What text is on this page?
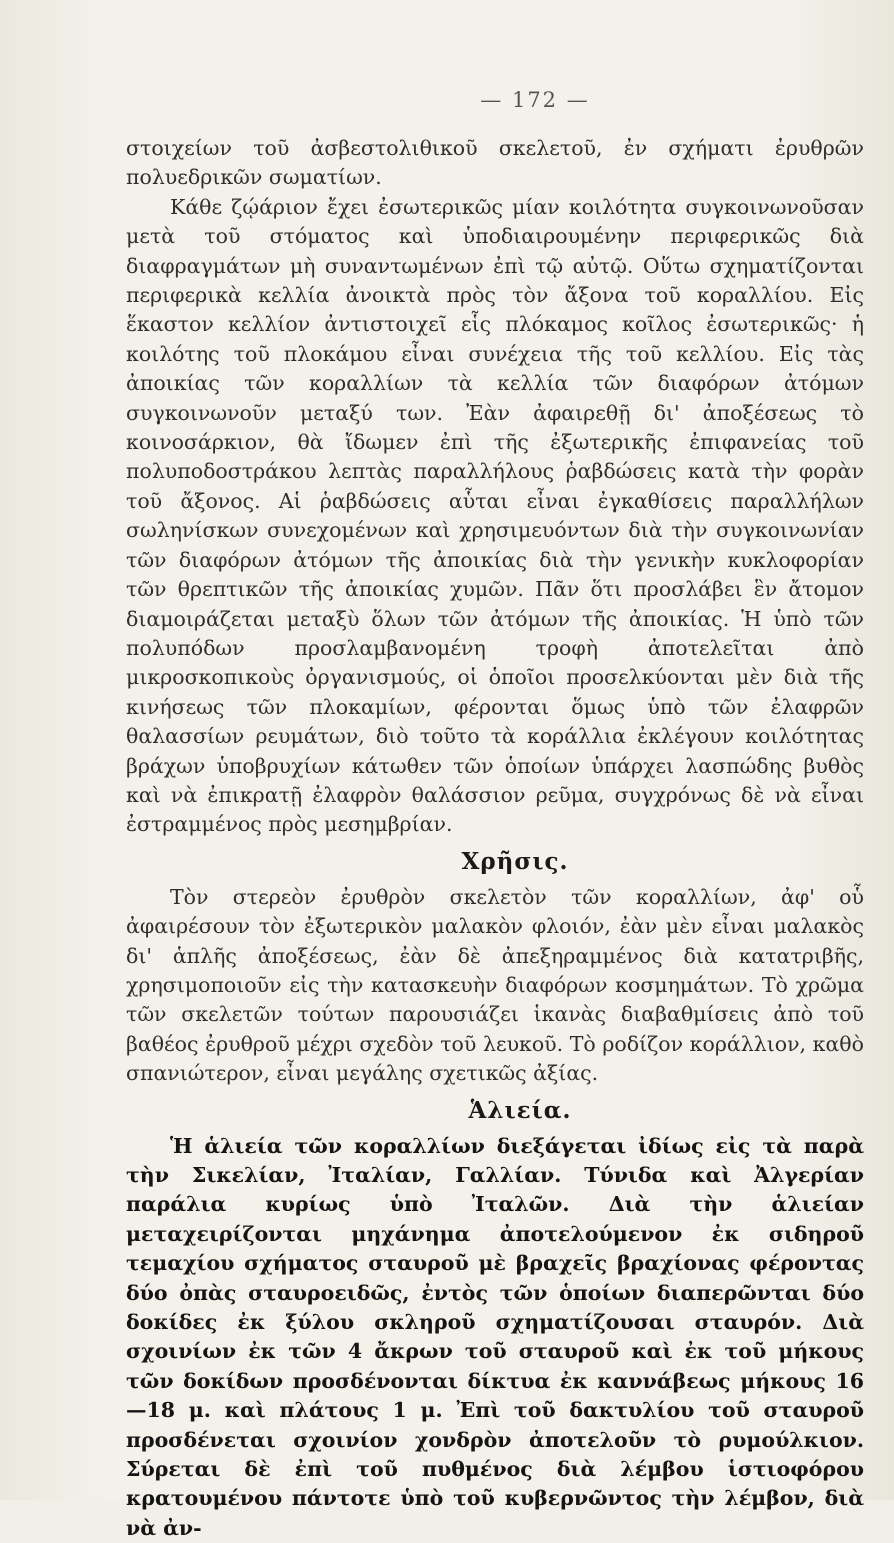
— 172 —

στοιχείων τοῦ ἀσβεστολιθικοῦ σκελετοῦ, ἐν σχήματι ἐρυθρῶν πολυεδρικῶν σωματίων.

Κάθε ζῴάριον ἔχει ἐσωτερικῶς μίαν κοιλότητα συγκοινωνοῦσαν μετὰ τοῦ στόματος καὶ ὑποδιαιρουμένην περιφερικῶς διὰ διαφραγμάτων μὴ συναντωμένων ἐπὶ τῷ αὐτῷ. Οὕτω σχηματίζονται περιφερικὰ κελλία ἀνοικτὰ πρὸς τὸν ἄξονα τοῦ κοραλλίου. Εἰς ἕκαστον κελλίον ἀντιστοιχεῖ εἷς πλόκαμος κοῖλος ἐσωτερικῶς· ἡ κοιλότης τοῦ πλοκάμου εἶναι συνέχεια τῆς τοῦ κελλίου. Εἰς τὰς ἀποικίας τῶν κοραλλίων τὰ κελλία τῶν διαφόρων ἀτόμων συγκοινωνοῦν μεταξύ των. Ἐὰν ἀφαιρεθῇ δι' ἀποξέσεως τὸ κοινοσάρκιον, θὰ ἴδωμεν ἐπὶ τῆς ἐξωτερικῆς ἐπιφανείας τοῦ πολυποδοστράκου λεπτὰς παραλλήλους ῥαβδώσεις κατὰ τὴν φορὰν τοῦ ἄξονος. Αἱ ῥαβδώσεις αὗται εἶναι ἐγκαθίσεις παραλλήλων σωληνίσκων συνεχομένων καὶ χρησιμευόντων διὰ τὴν συγκοινωνίαν τῶν διαφόρων ἀτόμων τῆς ἀποικίας διὰ τὴν γενικὴν κυκλοφορίαν τῶν θρεπτικῶν τῆς ἀποικίας χυμῶν. Πᾶν ὅτι προσλάβει ἓν ἄτομον διαμοιράζεται μεταξὺ ὅλων τῶν ἀτόμων τῆς ἀποικίας. Ἡ ὑπὸ τῶν πολυπόδων προσλαμβανομένη τροφὴ ἀποτελεῖται ἀπὸ μικροσκοπικοὺς ὀργανισμούς, οἱ ὁποῖοι προσελκύονται μὲν διὰ τῆς κινήσεως τῶν πλοκαμίων, φέρονται ὅμως ὑπὸ τῶν ἐλαφρῶν θαλασσίων ρευμάτων, διὸ τοῦτο τὰ κοράλλια ἐκλέγουν κοιλότητας βράχων ὑποβρυχίων κάτωθεν τῶν ὁποίων ὑπάρχει λασπώδης βυθὸς καὶ νὰ ἐπικρατῇ ἐλαφρὸν θαλάσσιον ρεῦμα, συγχρόνως δὲ νὰ εἶναι ἐστραμμένος πρὸς μεσημβρίαν.

Χρῆσις.

Τὸν στερεὸν ἐρυθρὸν σκελετὸν τῶν κοραλλίων, ἀφ' οὗ ἀφαιρέσουν τὸν ἐξωτερικὸν μαλακὸν φλοιόν, ἐὰν μὲν εἶναι μαλακὸς δι' ἁπλῆς ἀποξέσεως, ἐὰν δὲ ἀπεξηραμμένος διὰ κατατριβῆς, χρησιμοποιοῦν εἰς τὴν κατασκευὴν διαφόρων κοσμημάτων. Τὸ χρῶμα τῶν σκελετῶν τούτων παρουσιάζει ἱκανὰς διαβαθμίσεις ἀπὸ τοῦ βαθέος ἐρυθροῦ μέχρι σχεδὸν τοῦ λευκοῦ. Τὸ ροδίζον κοράλλιον, καθὸ σπανιώτερον, εἶναι μεγάλης σχετικῶς ἀξίας.

Ἁλιεία.

Ἡ ἁλιεία τῶν κοραλλίων διεξάγεται ἰδίως εἰς τὰ παρὰ τὴν Σικελίαν, Ἰταλίαν, Γαλλίαν. Τύνιδα καὶ Ἀλγερίαν παράλια κυρίως ὑπὸ Ἰταλῶν. Διὰ τὴν ἁλιείαν μεταχειρίζονται μηχάνημα ἀποτελούμενον ἐκ σιδηροῦ τεμαχίου σχήματος σταυροῦ μὲ βραχεῖς βραχίονας φέροντας δύο ὀπὰς σταυροειδῶς, ἐντὸς τῶν ὁποίων διαπερῶνται δύο δοκίδες ἐκ ξύλου σκληροῦ σχηματίζουσαι σταυρόν. Διὰ σχοινίων ἐκ τῶν 4 ἄκρων τοῦ σταυροῦ καὶ ἐκ τοῦ μήκους τῶν δοκίδων προσδένονται δίκτυα ἐκ καννάβεως μήκους 16—18 μ. καὶ πλάτους 1 μ. Ἐπὶ τοῦ δακτυλίου τοῦ σταυροῦ προσδένεται σχοινίον χονδρὸν ἀποτελοῦν τὸ ρυμούλκιον. Σύρεται δὲ ἐπὶ τοῦ πυθμένος διὰ λέμβου ἱστιοφόρου κρατουμένου πάντοτε ὑπὸ τοῦ κυβερνῶντος τὴν λέμβον, διὰ νὰ ἀν-
